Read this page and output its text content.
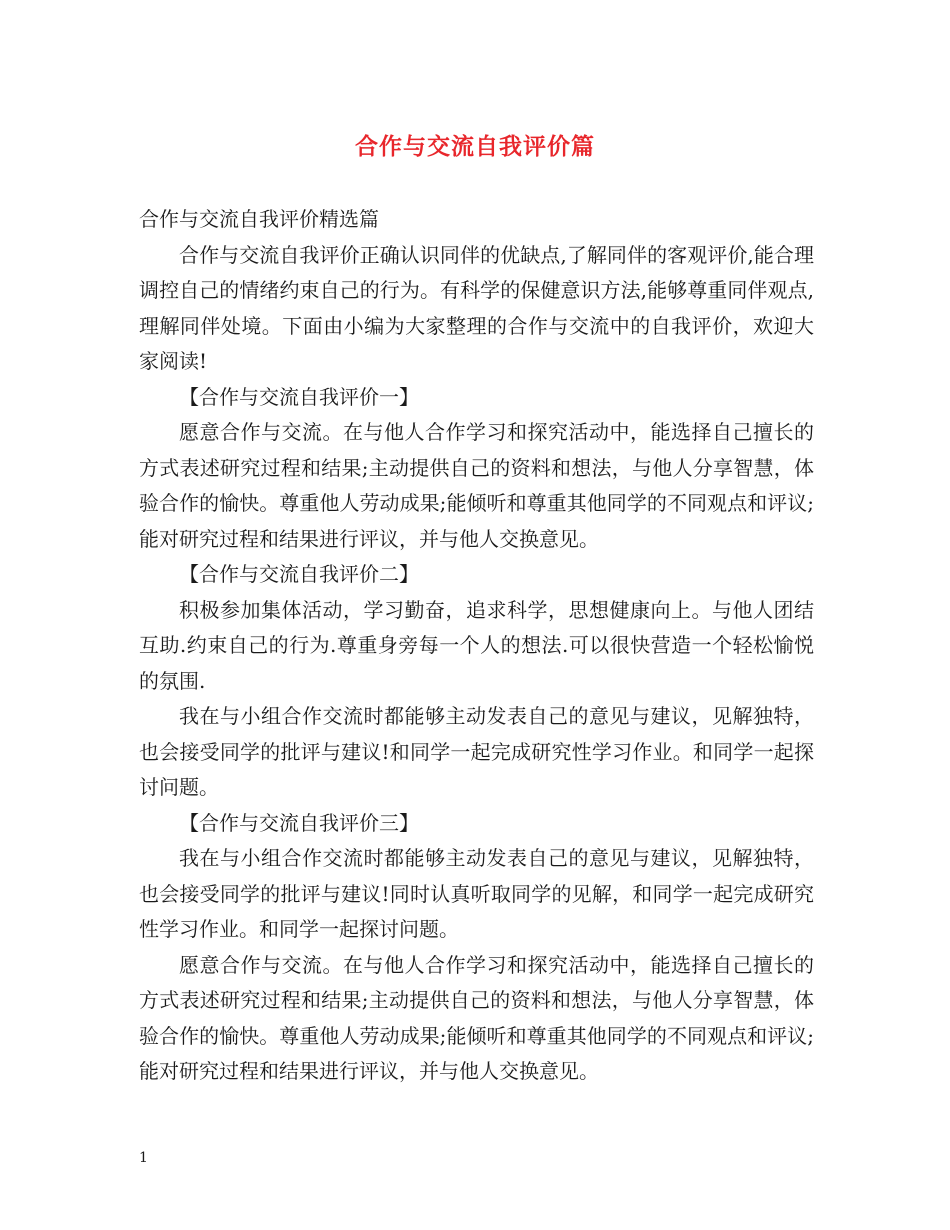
合作与交流自我评价篇

合作与交流自我评价精选篇

合作与交流自我评价正确认识同伴的优缺点,了解同伴的客观评价,能合理调控自己的情绪约束自己的行为。有科学的保健意识方法,能够尊重同伴观点,理解同伴处境。下面由小编为大家整理的合作与交流中的自我评价，欢迎大家阅读!

【合作与交流自我评价一】

愿意合作与交流。在与他人合作学习和探究活动中，能选择自己擅长的方式表述研究过程和结果;主动提供自己的资料和想法，与他人分享智慧，体验合作的愉快。尊重他人劳动成果;能倾听和尊重其他同学的不同观点和评议;能对研究过程和结果进行评议，并与他人交换意见。

【合作与交流自我评价二】

积极参加集体活动，学习勤奋，追求科学，思想健康向上。与他人团结互助.约束自己的行为.尊重身旁每一个人的想法.可以很快营造一个轻松愉悦的氛围.

我在与小组合作交流时都能够主动发表自己的意见与建议，见解独特，也会接受同学的批评与建议!和同学一起完成研究性学习作业。和同学一起探讨问题。

【合作与交流自我评价三】

我在与小组合作交流时都能够主动发表自己的意见与建议，见解独特，也会接受同学的批评与建议!同时认真听取同学的见解，和同学一起完成研究性学习作业。和同学一起探讨问题。

愿意合作与交流。在与他人合作学习和探究活动中，能选择自己擅长的方式表述研究过程和结果;主动提供自己的资料和想法，与他人分享智慧，体验合作的愉快。尊重他人劳动成果;能倾听和尊重其他同学的不同观点和评议;能对研究过程和结果进行评议，并与他人交换意见。

1
